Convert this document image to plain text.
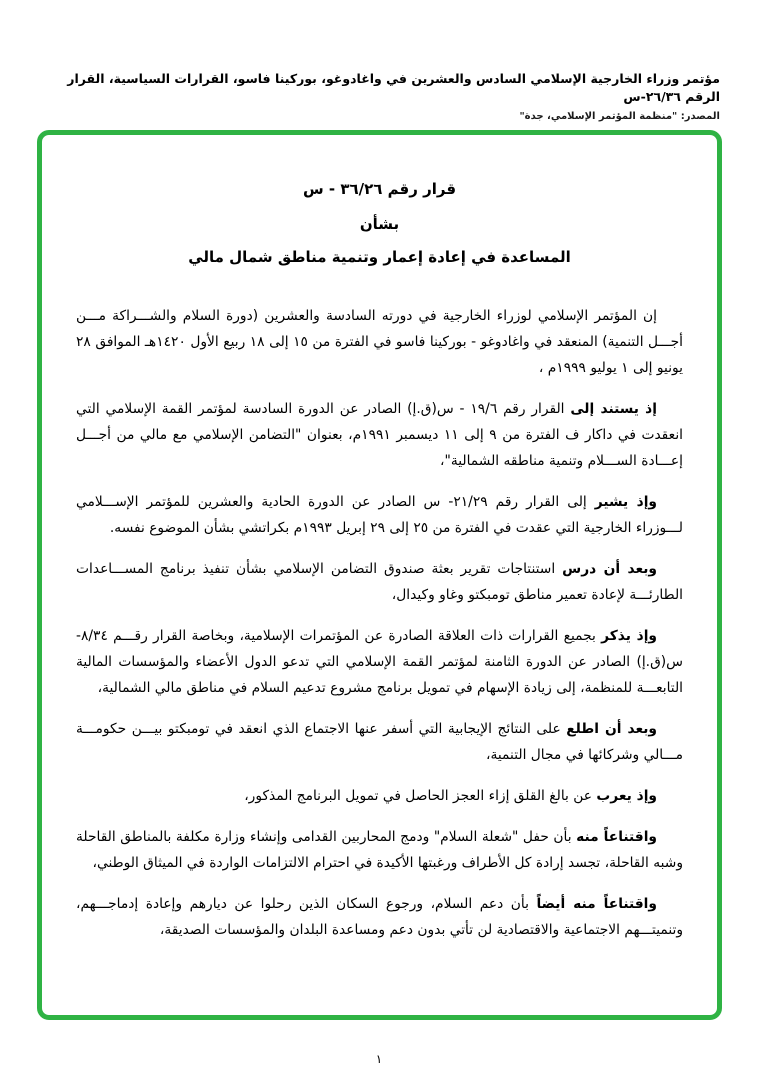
مؤتمر وزراء الخارجية الإسلامي السادس والعشرين في واغادوغو، بوركينا فاسو، القرارات السياسية، القرار الرقم ٢٦/٣٦-س
المصدر: "منظمة المؤتمر الإسلامي، جدة"
قرار رقم ٣٦/٢٦ - س
بشأن
المساعدة في إعادة إعمار وتنمية مناطق شمال مالي

إن المؤتمر الإسلامي لوزراء الخارجية في دورته السادسة والعشرين (دورة السلام والشـــراكة مـــن أجـــل التنمية) المنعقد في واغادوغو - بوركينا فاسو في الفترة من ١٥ إلى ١٨ ربيع الأول ١٤٢٠هـ الموافق ٢٨ يونيو إلى ١ يوليو ١٩٩٩م ،

إذ يستند إلى القرار رقم ١٩/٦ - س(ق.إ) الصادر عن الدورة السادسة لمؤتمر القمة الإسلامي التي انعقدت في داكار ف الفترة من ٩ إلى ١١ ديسمبر ١٩٩١م، بعنوان "التضامن الإسلامي مع مالي من أجـــل إعـــادة الســـلام وتنمية مناطقه الشمالية"،

وإذ يشير إلى القرار رقم ٢١/٢٩- س الصادر عن الدورة الحادية والعشرين للمؤتمر الإســـلامي لـــوزراء الخارجية التي عقدت في الفترة من ٢٥ إلى ٢٩ إبريل ١٩٩٣م بكراتشي بشأن الموضوع نفسه.

وبعد أن درس استنتاجات تقرير بعثة صندوق التضامن الإسلامي بشأن تنفيذ برنامج المســـاعدات الطارئـــة لإعادة تعمير مناطق تومبكتو وغاو وكيدال،

وإذ يذكر بجميع القرارات ذات العلاقة الصادرة عن المؤتمرات الإسلامية، وبخاصة القرار رقـــم ٨/٣٤-س(ق.إ) الصادر عن الدورة الثامنة لمؤتمر القمة الإسلامي التي تدعو الدول الأعضاء والمؤسسات المالية التابعـــة للمنظمة، إلى زيادة الإسهام في تمويل برنامج مشروع تدعيم السلام في مناطق مالي الشمالية،

وبعد أن اطلع على النتائج الإيجابية التي أسفر عنها الاجتماع الذي انعقد في تومبكتو بيـــن حكومـــة مـــالي وشركائها في مجال التنمية،

وإذ يعرب عن بالغ القلق إزاء العجز الحاصل في تمويل البرنامج المذكور،

واقتناعاً منه بأن حفل "شعلة السلام" ودمج المحاربين القدامى وإنشاء وزارة مكلفة بالمناطق القاحلة وشبه القاحلة، تجسد إرادة كل الأطراف ورغبتها الأكيدة في احترام الالتزامات الواردة في الميثاق الوطني،

واقتناعاً منه أيضاً بأن دعم السلام، ورجوع السكان الذين رحلوا عن ديارهم وإعادة إدماجـــهم، وتنميتـــهم الاجتماعية والاقتصادية لن تأتي بدون دعم ومساعدة البلدان والمؤسسات الصديقة،

١
